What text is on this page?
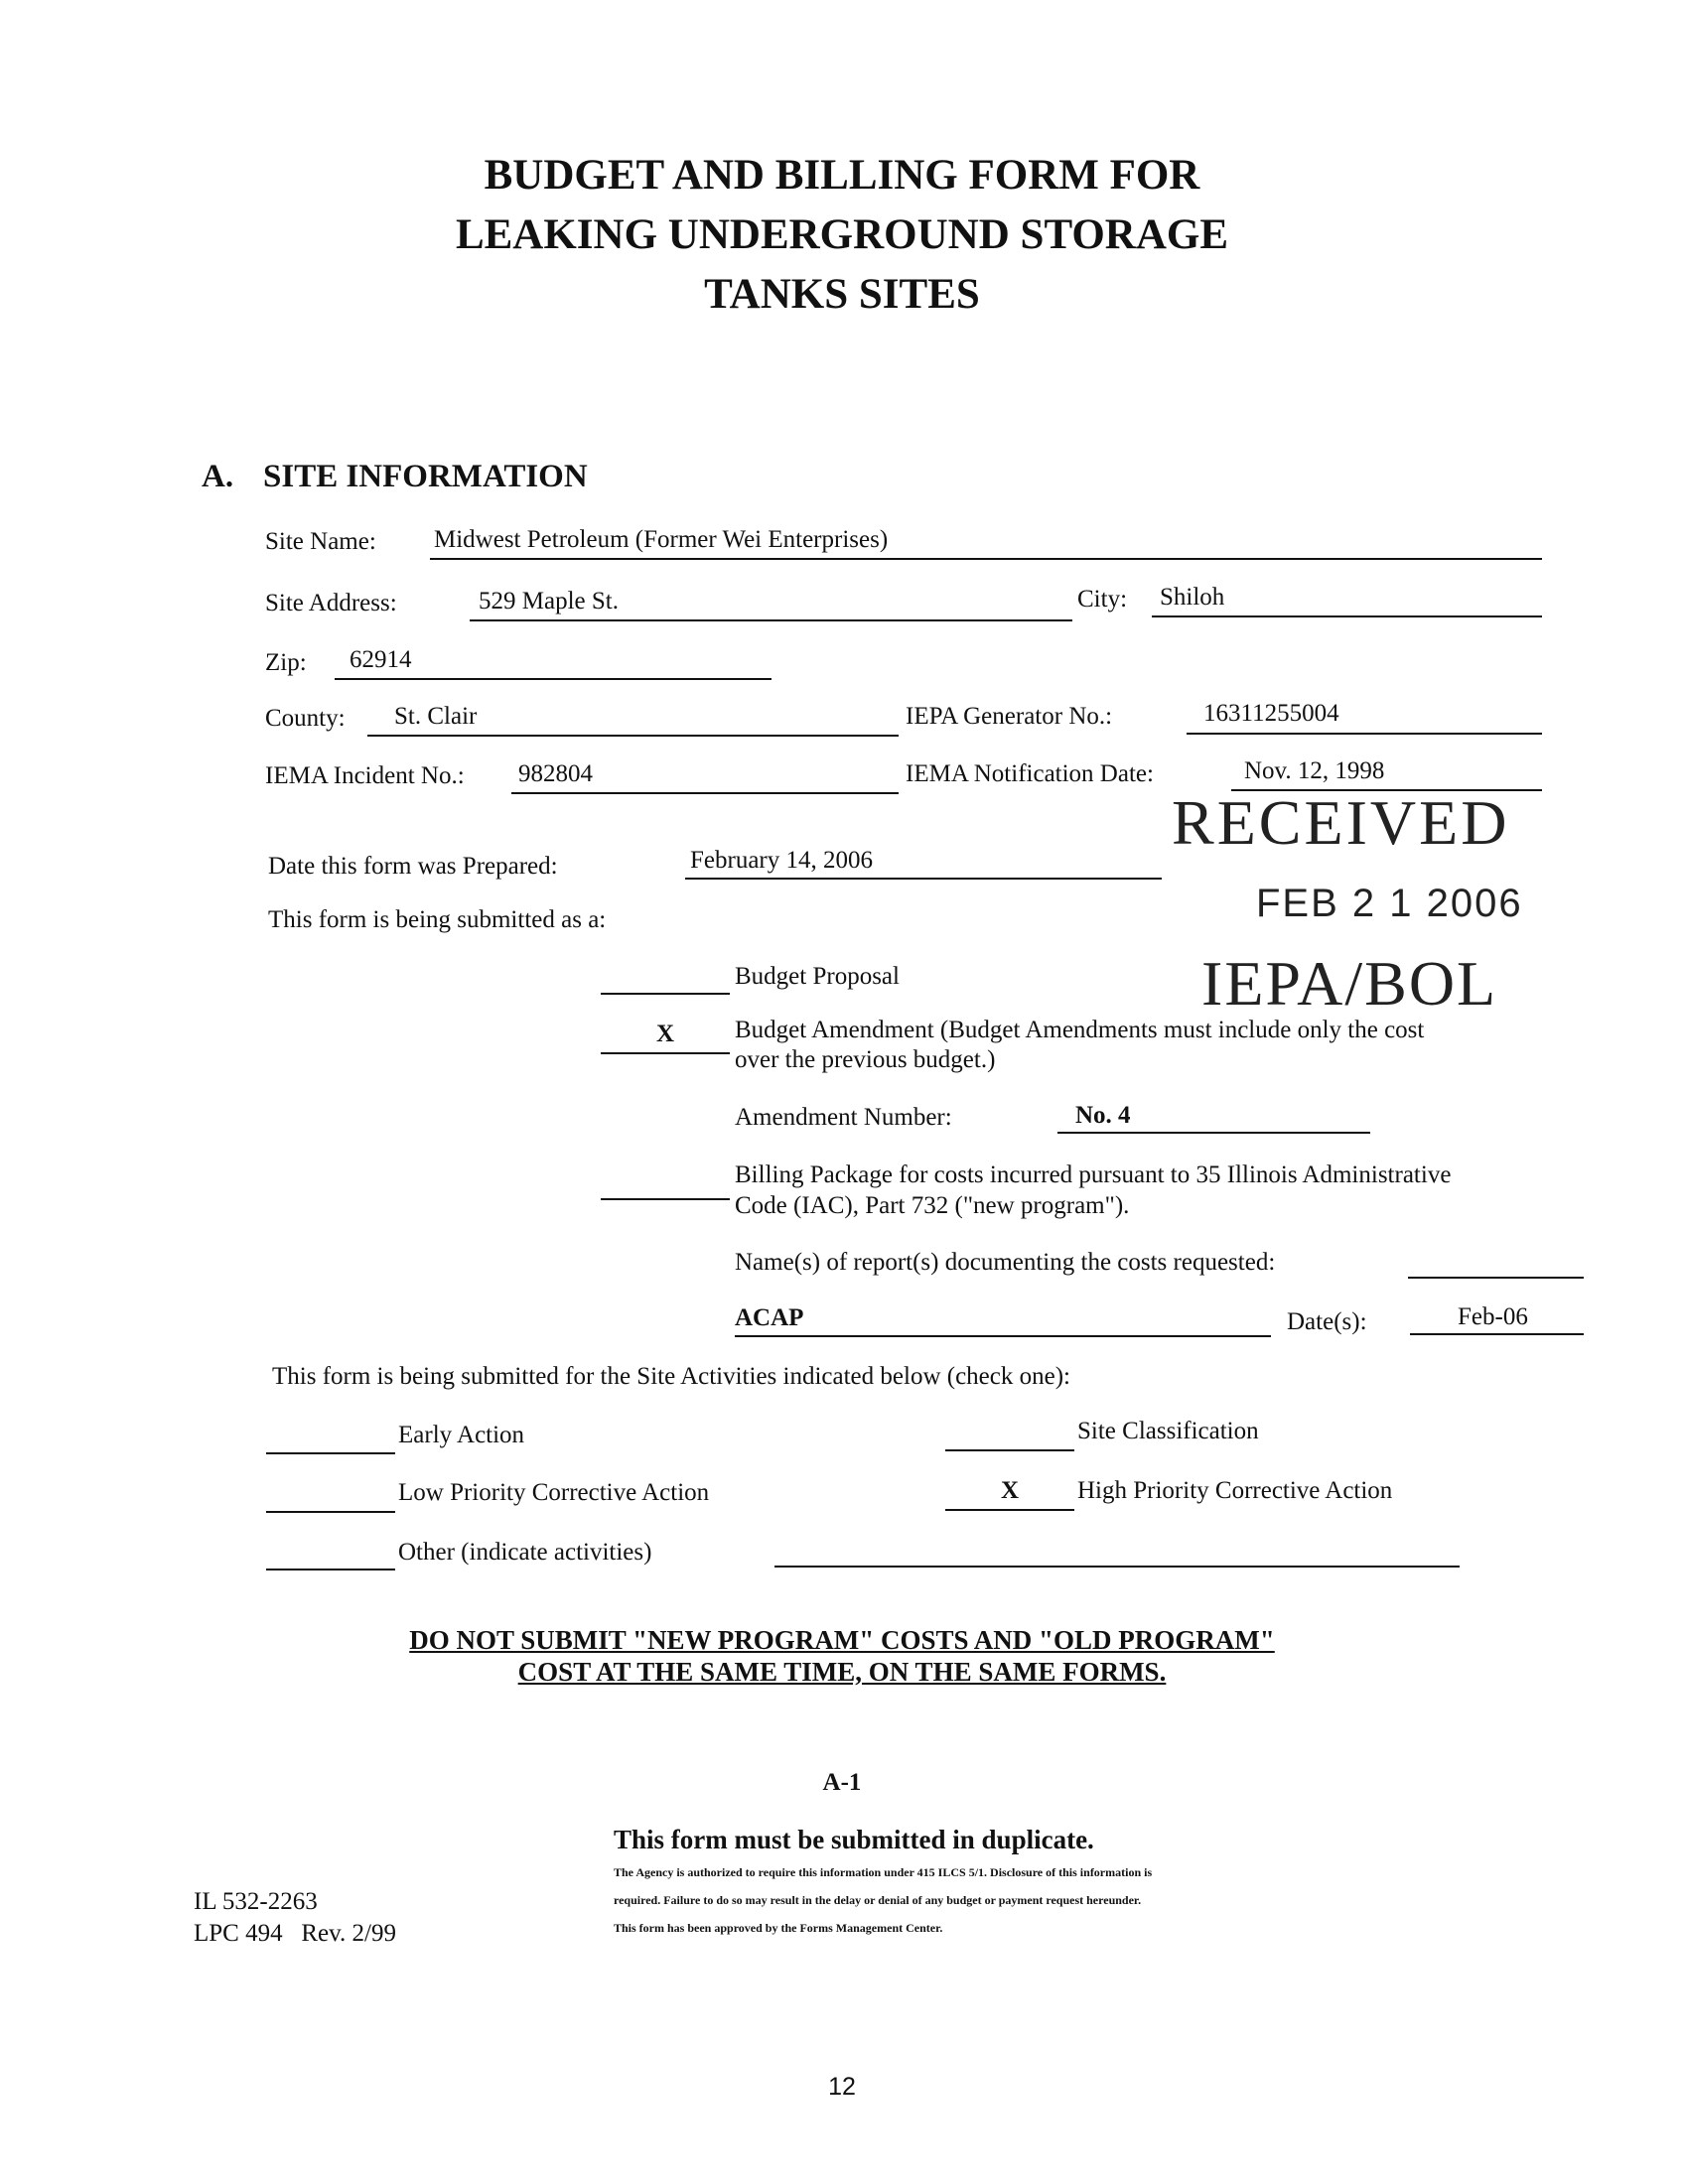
BUDGET AND BILLING FORM FOR
LEAKING UNDERGROUND STORAGE
TANKS SITES
A. SITE INFORMATION
Site Name: Midwest Petroleum (Former Wei Enterprises)
Site Address:	529 Maple St.	City: Shiloh
Zip: 62914
County: St. Clair	IEPA Generator No.:	16311255004
IEMA Incident No.: 982804	IEMA Notification Date:	Nov. 12, 1998
Date this form was Prepared:	February 14, 2006
RECEIVED
FEB 2 1 2006
IEPA/BOL
This form is being submitted as a:
Budget Proposal
X	Budget Amendment (Budget Amendments must include only the cost
over the previous budget.)
Amendment Number:	No. 4
Billing Package for costs incurred pursuant to 35 Illinois Administrative
Code (IAC), Part 732 ("new program").
Name(s) of report(s) documenting the costs requested:
ACAP	Date(s):	Feb-06
This form is being submitted for the Site Activities indicated below (check one):
Early Action	Site Classification
Low Priority Corrective Action	X	High Priority Corrective Action
Other (indicate activities)
DO NOT SUBMIT "NEW PROGRAM" COSTS AND "OLD PROGRAM"
COST AT THE SAME TIME, ON THE SAME FORMS.
A-1
This form must be submitted in duplicate.
The Agency is authorized to require this information under 415 ILCS 5/1. Disclosure of this information is
required. Failure to do so may result in the delay or denial of any budget or payment request hereunder.
This form has been approved by the Forms Management Center.
IL 532-2263
LPC 494   Rev. 2/99
12
